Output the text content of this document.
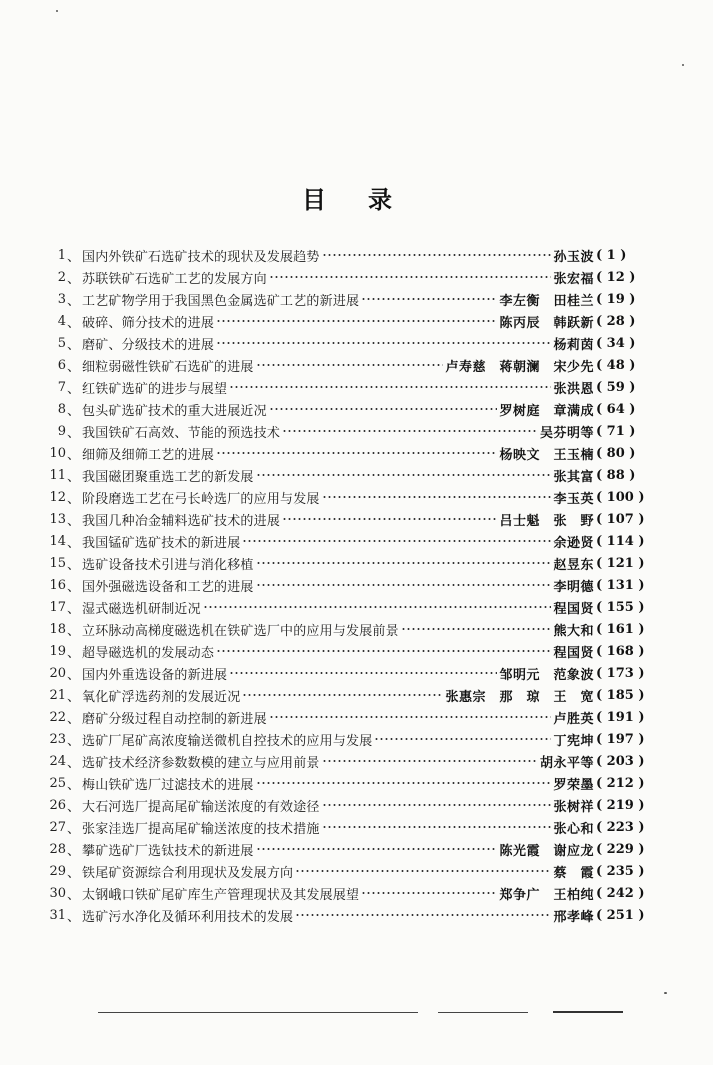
目 录
1 、 国内外铁矿石选矿技术的现状及发展趋势	孙玉波 ( 1 )
2 、 苏联铁矿石选矿工艺的发展方向	张宏福 ( 12 )
3 、 工艺矿物学用于我国黑色金属选矿工艺的新进展	李左衡　田桂兰 ( 19 )
4 、 破碎、筛分技术的进展	陈丙辰　韩跃新 ( 28 )
5 、 磨矿、分级技术的进展	杨莉茵 ( 34 )
6 、 细粒弱磁性铁矿石选矿的进展	卢寿慈　蒋朝澜　宋少先 ( 48 )
7 、 红铁矿选矿的进步与展望	张洪恩 ( 59 )
8 、 包头矿选矿技术的重大进展近况	罗树庭　章满成 ( 64 )
9 、 我国铁矿石高效、节能的预选技术	吴芬明等 ( 71 )
10 、 细筛及细筛工艺的进展	杨映文　王玉楠 ( 80 )
11 、 我国磁团聚重选工艺的新发展	张其富 ( 88 )
12 、 阶段磨选工艺在弓长岭选厂的应用与发展	李玉英 ( 100 )
13 、 我国几种冶金辅料选矿技术的进展	吕士魁　张　野 ( 107 )
14 、 我国锰矿选矿技术的新进展	余逊贤 ( 114 )
15 、 选矿设备技术引进与消化移植	赵昱东 ( 121 )
16 、 国外强磁选设备和工艺的进展	李明德 ( 131 )
17 、 湿式磁选机研制近况	程国贤 ( 155 )
18 、 立环脉动高梯度磁选机在铁矿选厂中的应用与发展前景	熊大和 ( 161 )
19 、 超导磁选机的发展动态	程国贤 ( 168 )
20 、 国内外重选设备的新进展	邹明元　范象波 ( 173 )
21 、 氧化矿浮选药剂的发展近况	张惠宗　那　琼　王　宽 ( 185 )
22 、 磨矿分级过程自动控制的新进展	卢胜英 ( 191 )
23 、 选矿厂尾矿高浓度输送微机自控技术的应用与发展	丁宪坤 ( 197 )
24 、 选矿技术经济参数数模的建立与应用前景	胡永平等 ( 203 )
25 、 梅山铁矿选厂过滤技术的进展	罗荣墨 ( 212 )
26 、 大石河选厂提高尾矿输送浓度的有效途径	张树祥 ( 219 )
27 、 张家洼选厂提高尾矿输送浓度的技术措施	张心和 ( 223 )
28 、 攀矿选矿厂选钛技术的新进展	陈光霞　谢应龙 ( 229 )
29 、 铁尾矿资源综合利用现状及发展方向	蔡　霞 ( 235 )
30 、 太钢峨口铁矿尾矿库生产管理现状及其发展展望	郑争广　王柏纯 ( 242 )
31 、 选矿污水净化及循环利用技术的发展	邢孝峰 ( 251 )
